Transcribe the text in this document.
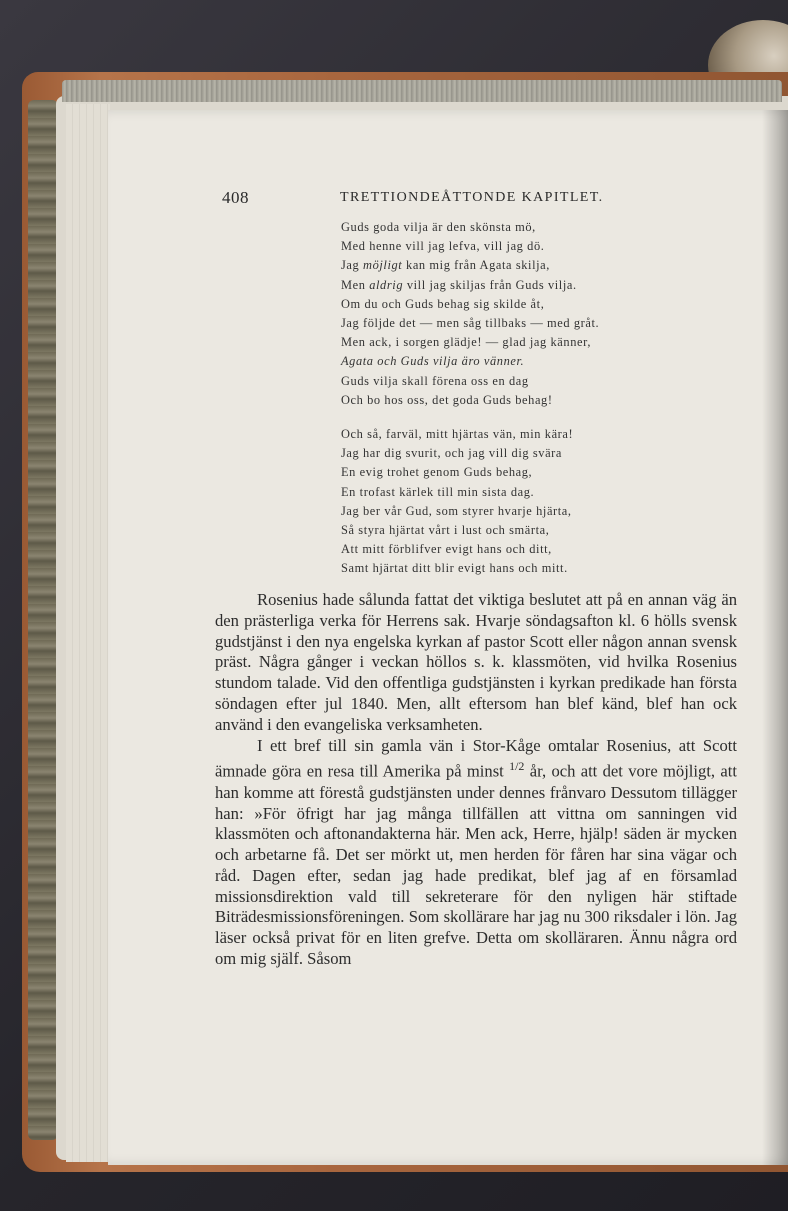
408	TRETTIONDEÅTTONDE KAPITLET.
Guds goda vilja är den skönsta mö,
Med henne vill jag lefva, vill jag dö.
Jag möjligt kan mig från Agata skilja,
Men aldrig vill jag skiljas från Guds vilja.
Om du och Guds behag sig skilde åt,
Jag följde det — men såg tillbaks — med gråt.
Men ack, i sorgen glädje! — glad jag känner,
Agata och Guds vilja äro vänner.
Guds vilja skall förena oss en dag
Och bo hos oss, det goda Guds behag!
Och så, farväl, mitt hjärtas vän, min kära!
Jag har dig svurit, och jag vill dig svära
En evig trohet genom Guds behag,
En trofast kärlek till min sista dag.
Jag ber vår Gud, som styrer hvarje hjärta,
Så styra hjärtat vårt i lust och smärta,
Att mitt förblifver evigt hans och ditt,
Samt hjärtat ditt blir evigt hans och mitt.

Rosenius hade sålunda fattat det viktiga beslutet att på en annan väg än den prästerliga verka för Herrens sak. Hvarje söndagsafton kl. 6 hölls svensk gudstjänst i den nya engelska kyrkan af pastor Scott eller någon annan svensk präst. Några gånger i veckan höllos s. k. klassmöten, vid hvilka Rosenius stundom talade. Vid den offentliga gudstjänsten i kyrkan predikade han första söndagen efter jul 1840. Men, allt eftersom han blef känd, blef han ock använd i den evangeliska verksamheten.

I ett bref till sin gamla vän i Stor-Kåge omtalar Rosenius, att Scott ämnade göra en resa till Amerika på minst $^{1/2}$ år, och att det vore möjligt, att han komme att förestå gudstjänsten under dennes frånvaro Dessutom tillägger han: »För öfrigt har jag många tillfällen att vittna om sanningen vid klassmöten och aftonandakterna här. Men ack, Herre, hjälp! säden är mycken och arbetarne få. Det ser mörkt ut, men herden för fåren har sina vägar och råd. Dagen efter, sedan jag hade predikat, blef jag af en församlad missionsdirektion vald till sekreterare för den nyligen här stiftade Biträdesmissionsföreningen. Som skollärare har jag nu 300 riksdaler i lön. Jag läser också privat för en liten grefve. Detta om skolläraren. Ännu några ord om mig själf. Såsom
